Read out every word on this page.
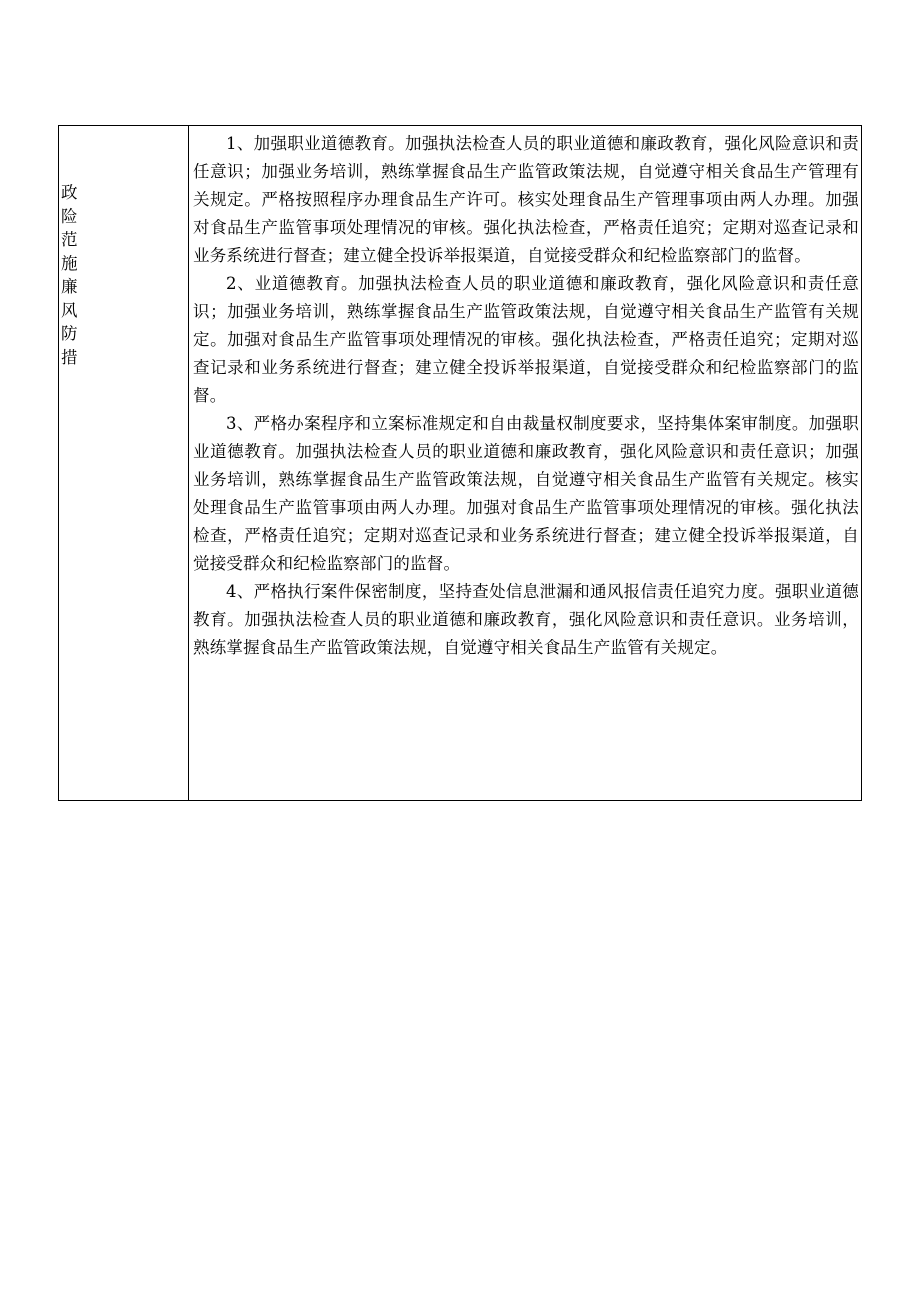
政险范施廉风防措

1、加强职业道德教育。加强执法检查人员的职业道德和廉政教育，强化风险意识和责任意识；加强业务培训，熟练掌握食品生产监管政策法规，自觉遵守相关食品生产管理有关规定。严格按照程序办理食品生产许可。核实处理食品生产管理事项由两人办理。加强对食品生产监管事项处理情况的审核。强化执法检查，严格责任追究；定期对巡查记录和业务系统进行督查；建立健全投诉举报渠道，自觉接受群众和纪检监察部门的监督。

2、业道德教育。加强执法检查人员的职业道德和廉政教育，强化风险意识和责任意识；加强业务培训，熟练掌握食品生产监管政策法规，自觉遵守相关食品生产监管有关规定。加强对食品生产监管事项处理情况的审核。强化执法检查，严格责任追究；定期对巡查记录和业务系统进行督查；建立健全投诉举报渠道，自觉接受群众和纪检监察部门的监督。

3、严格办案程序和立案标准规定和自由裁量权制度要求，坚持集体案审制度。加强职业道德教育。加强执法检查人员的职业道德和廉政教育，强化风险意识和责任意识；加强业务培训，熟练掌握食品生产监管政策法规，自觉遵守相关食品生产监管有关规定。核实处理食品生产监管事项由两人办理。加强对食品生产监管事项处理情况的审核。强化执法检查，严格责任追究；定期对巡查记录和业务系统进行督查；建立健全投诉举报渠道，自觉接受群众和纪检监察部门的监督。

4、严格执行案件保密制度，坚持查处信息泄漏和通风报信责任追究力度。强职业道德教育。加强执法检查人员的职业道德和廉政教育，强化风险意识和责任意识。业务培训，熟练掌握食品生产监管政策法规，自觉遵守相关食品生产监管有关规定。
